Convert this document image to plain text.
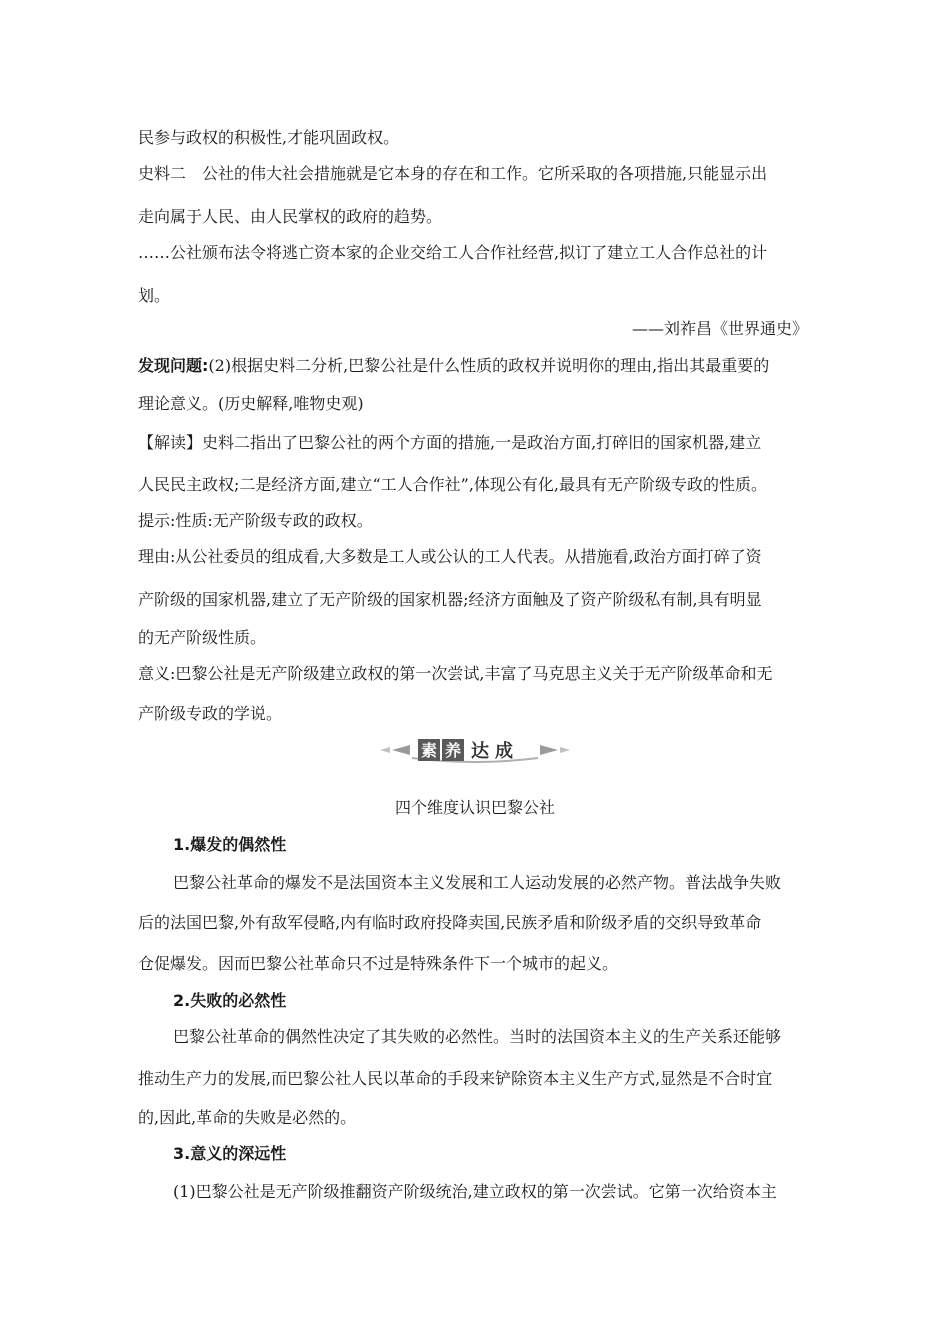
民参与政权的积极性,才能巩固政权。
史料二　公社的伟大社会措施就是它本身的存在和工作。它所采取的各项措施,只能显示出
走向属于人民、由人民掌权的政府的趋势。
……公社颁布法令将逃亡资本家的企业交给工人合作社经营,拟订了建立工人合作总社的计
划。
——刘祚昌《世界通史》
发现问题:(2)根据史料二分析,巴黎公社是什么性质的政权并说明你的理由,指出其最重要的
理论意义。(历史解释,唯物史观)
【解读】史料二指出了巴黎公社的两个方面的措施,一是政治方面,打碎旧的国家机器,建立
人民民主政权;二是经济方面,建立“工人合作社”,体现公有化,最具有无产阶级专政的性质。
提示:性质:无产阶级专政的政权。
理由:从公社委员的组成看,大多数是工人或公认的工人代表。从措施看,政治方面打碎了资
产阶级的国家机器,建立了无产阶级的国家机器;经济方面触及了资产阶级私有制,具有明显
的无产阶级性质。
意义:巴黎公社是无产阶级建立政权的第一次尝试,丰富了马克思主义关于无产阶级革命和无
产阶级专政的学说。
素 养 达 成
四个维度认识巴黎公社
1.爆发的偶然性
巴黎公社革命的爆发不是法国资本主义发展和工人运动发展的必然产物。普法战争失败
后的法国巴黎,外有敌军侵略,内有临时政府投降卖国,民族矛盾和阶级矛盾的交织导致革命
仓促爆发。因而巴黎公社革命只不过是特殊条件下一个城市的起义。
2.失败的必然性
巴黎公社革命的偶然性决定了其失败的必然性。当时的法国资本主义的生产关系还能够
推动生产力的发展,而巴黎公社人民以革命的手段来铲除资本主义生产方式,显然是不合时宜
的,因此,革命的失败是必然的。
3.意义的深远性
(1)巴黎公社是无产阶级推翻资产阶级统治,建立政权的第一次尝试。它第一次给资本主
